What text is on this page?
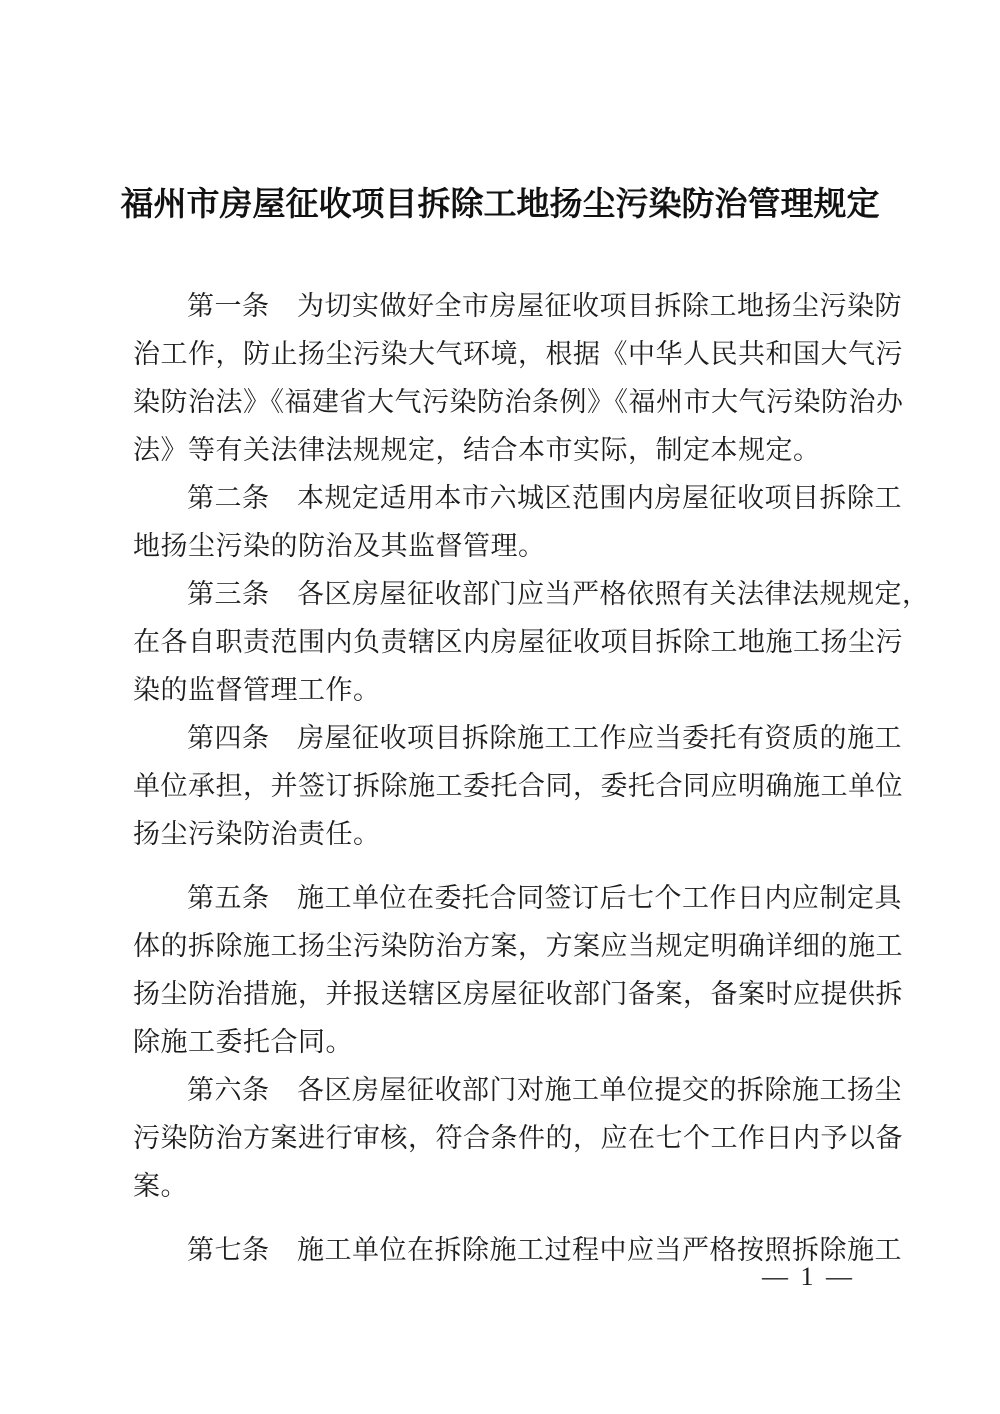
福州市房屋征收项目拆除工地扬尘污染防治管理规定

第一条　为切实做好全市房屋征收项目拆除工地扬尘污染防
治工作，防止扬尘污染大气环境，根据《中华人民共和国大气污
染防治法》《福建省大气污染防治条例》《福州市大气污染防治办
法》等有关法律法规规定，结合本市实际，制定本规定。

第二条　本规定适用本市六城区范围内房屋征收项目拆除工
地扬尘污染的防治及其监督管理。

第三条　各区房屋征收部门应当严格依照有关法律法规规定，
在各自职责范围内负责辖区内房屋征收项目拆除工地施工扬尘污
染的监督管理工作。

第四条　房屋征收项目拆除施工工作应当委托有资质的施工
单位承担，并签订拆除施工委托合同，委托合同应明确施工单位
扬尘污染防治责任。

第五条　施工单位在委托合同签订后七个工作日内应制定具
体的拆除施工扬尘污染防治方案，方案应当规定明确详细的施工
扬尘防治措施，并报送辖区房屋征收部门备案，备案时应提供拆
除施工委托合同。

第六条　各区房屋征收部门对施工单位提交的拆除施工扬尘
污染防治方案进行审核，符合条件的，应在七个工作日内予以备
案。

第七条　施工单位在拆除施工过程中应当严格按照拆除施工

— 1 —
